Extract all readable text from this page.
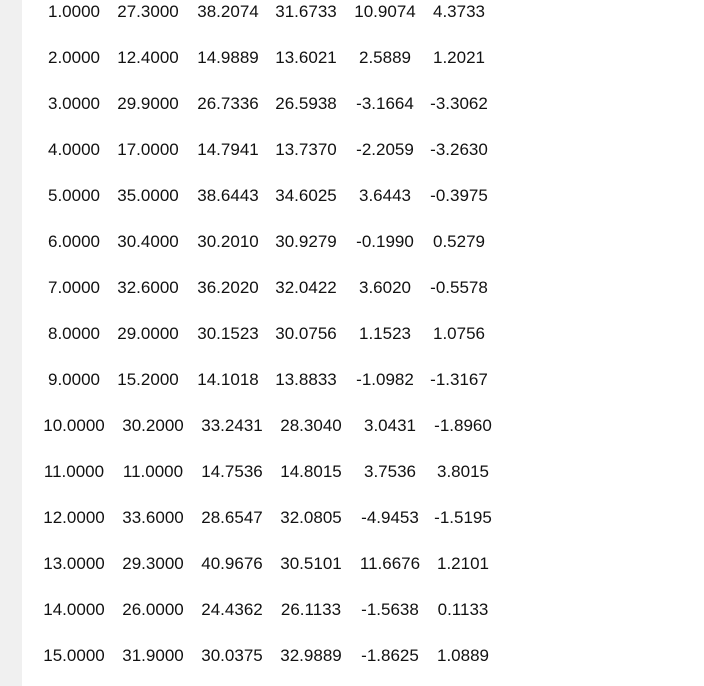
1.0000 27.3000 38.2074 31.6733 10.9074 4.3733
2.0000 12.4000 14.9889 13.6021 2.5889 1.2021
3.0000 29.9000 26.7336 26.5938 -3.1664 -3.3062
4.0000 17.0000 14.7941 13.7370 -2.2059 -3.2630
5.0000 35.0000 38.6443 34.6025 3.6443 -0.3975
6.0000 30.4000 30.2010 30.9279 -0.1990 0.5279
7.0000 32.6000 36.2020 32.0422 3.6020 -0.5578
8.0000 29.0000 30.1523 30.0756 1.1523 1.0756
9.0000 15.2000 14.1018 13.8833 -1.0982 -1.3167
10.0000 30.2000 33.2431 28.3040 3.0431 -1.8960
11.0000 11.0000 14.7536 14.8015 3.7536 3.8015
12.0000 33.6000 28.6547 32.0805 -4.9453 -1.5195
13.0000 29.3000 40.9676 30.5101 11.6676 1.2101
14.0000 26.0000 24.4362 26.1133 -1.5638 0.1133
15.0000 31.9000 30.0375 32.9889 -1.8625 1.0889
